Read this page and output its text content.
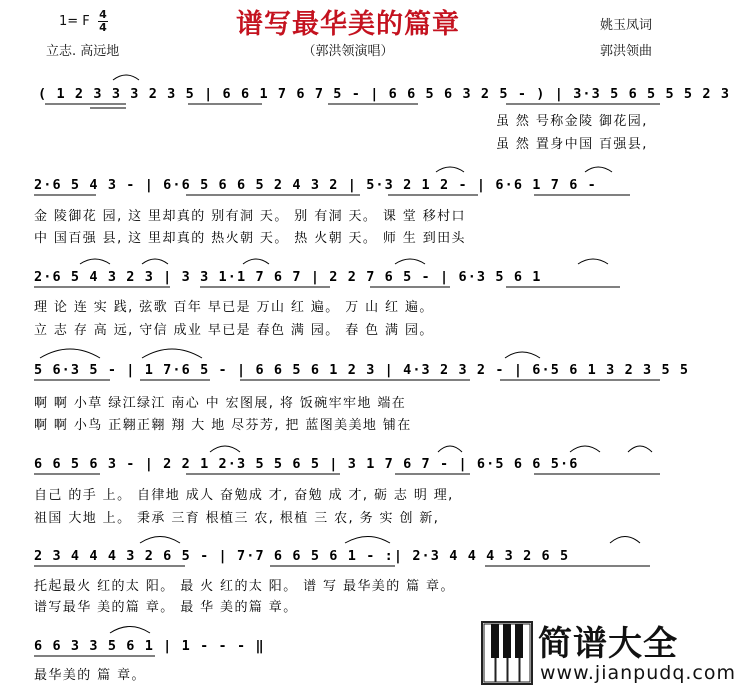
谱写最华美的篇章
（郭洪领演唱）
1= F 4
4
立志. 高远地
姚玉凤词
郭洪领曲
( 1 2 3 3 3 2 3 5 | 6 6 1 7 6 7 5 - | 6 6 5 6 3 2 5 - ) | 3·3 5 6 5 5 5 2 3
虽 然 号称金陵 御花园,
虽 然 置身中国 百强县,
2·6 5 4 3 - | 6·6 5 6 6 5 2 4 3 2 | 5·3 2 1 2 - | 6·6 1 7 6 -
金 陵御花 园, 这 里却真的 别有洞 天。 别 有洞 天。 课 堂 移村口
中 国百强 县, 这 里却真的 热火朝 天。 热 火朝 天。 师 生 到田头
2·6 5 4 3 2 3 | 3 3 1·1 7 6 7 | 2 2 7 6 5 - | 6·3 5 6 1
理 论 连 实 践, 弦歌 百年 早已是 万山 红 遍。 万 山 红 遍。
立 志 存 高 远, 守信 成业 早已是 春色 满 园。 春 色 满 园。
5 6·3 5 - | 1 7·6 5 - | 6 6 5 6 1 2 3 | 4·3 2 3 2 - | 6·5 6 1 3 2 3 5 5
啊 啊 小草 绿江绿江 南心 中 宏图展, 将 饭碗牢牢地 端在
啊 啊 小鸟 正翱正翱 翔 大 地 尽芬芳, 把 蓝图美美地 铺在
6 6 5 6 3 - | 2 2 1 2·3 5 5 6 5 | 3 1 7 6 7 - | 6·5 6 6 5·6
自己 的手 上。 自律地 成人 奋勉成 才, 奋勉 成 才, 砺 志 明 理,
祖国 大地 上。 秉承 三育 根植三 农, 根植 三 农, 务 实 创 新,
2 3 4 4 4 3 2 6 5 - | 7·7 6 6 5 6 1 - :| 2·3 4 4 4 3 2 6 5
托起最火 红的太 阳。 最 火 红的太 阳。 谱 写 最华美的 篇 章。
谱写最华 美的篇 章。 最 华 美的篇 章。
6 6 3 3 5 6 1 | 1 - - - ‖
最华美的 篇 章。
简谱大全
www.jianpudq.com
